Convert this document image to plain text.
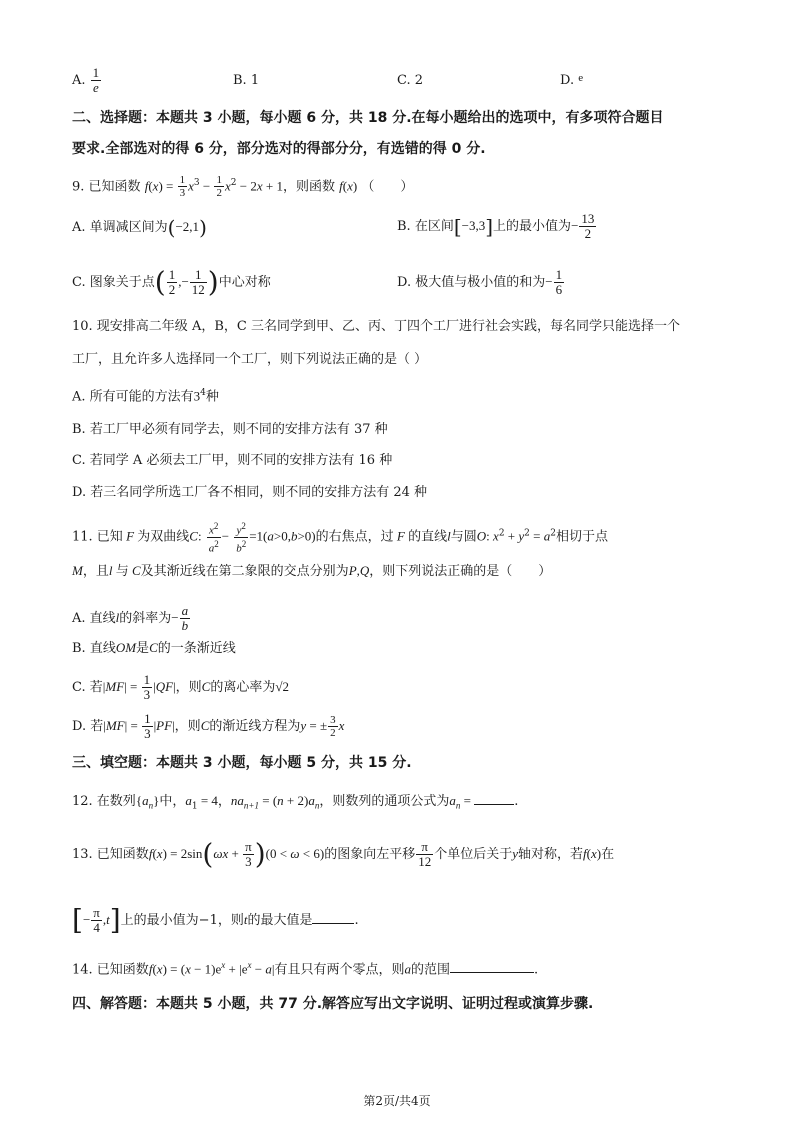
A. $\frac{1}{e}$	B. 1	C. 2	D. $^e$
二、选择题：本题共 3 小题，每小题 6 分，共 18 分.在每小题给出的选项中，有多项符合题目
要求.全部选对的得 6 分，部分选对的得部分分，有选错的得 0 分.
9. 已知函数 $f(x) = \frac{1}{3} x^3 - \frac{1}{2} x^2 - 2x + 1$，则函数 f(x) （　　）
A. 单调减区间为(−2,1)	B. 在区间[−3,3]上的最小值为− $\frac{13}{2}$
C. 图象关于点( $\frac{1}{2}$ ,− $\frac{1}{12}$ )中心对称	D. 极大值与极小值的和为− $\frac{1}{6}$
10. 现安排高二年级 A，B，C 三名同学到甲、乙、丙、丁四个工厂进行社会实践，每名同学只能选择一个
工厂，且允许多人选择同一个工厂，则下列说法正确的是（ ）
A. 所有可能的方法有$3^4$种
B. 若工厂甲必须有同学去，则不同的安排方法有 37 种
C. 若同学 A 必须去工厂甲，则不同的安排方法有 16 种
D. 若三名同学所选工厂各不相同，则不同的安排方法有 24 种
11. 已知 F 为双曲线C: $\frac{x^2}{a^2} - \frac{y^2}{b^2} =1(a>0,b>0)$的右焦点，过 F 的直线l与圆O: $x^2 + y^2 = a^2$相切于点
M，且l 与 C及其渐近线在第二象限的交点分别为P,Q，则下列说法正确的是（　　）
A. 直线l的斜率为− $\frac{a}{b}$
B. 直线OM是C的一条渐近线
C. 若$|MF| = \frac{1}{3} |QF|$，则C的离心率为√2
D. 若$|MF| = \frac{1}{3} |PF|$，则C的渐近线方程为y = ± $\frac{3}{2}$ x
三、填空题：本题共 3 小题，每小题 5 分，共 15 分.
12. 在数列$\{a_n\}$中，$a_1 = 4$，$na_{n+1} = (n + 2)a_n$，则数列的通项公式为$a_n$ =	.
13. 已知函数$f(x) = 2\sin(\omega x + \frac{\pi}{3} )(0 < \omega < 6)$的图象向左平移 $\frac{\pi}{12}$ 个单位后关于y轴对称，若f(x)在
[− $\frac{\pi}{4} ,t$]上的最小值为−1，则t的最大值是	.
14. 已知函数$f(x) = (x - 1)e^x + |e^x - a|$有且只有两个零点，则a的范围	.
四、解答题：本题共 5 小题，共 77 分.解答应写出文字说明、证明过程或演算步骤.
第2页/共4页
